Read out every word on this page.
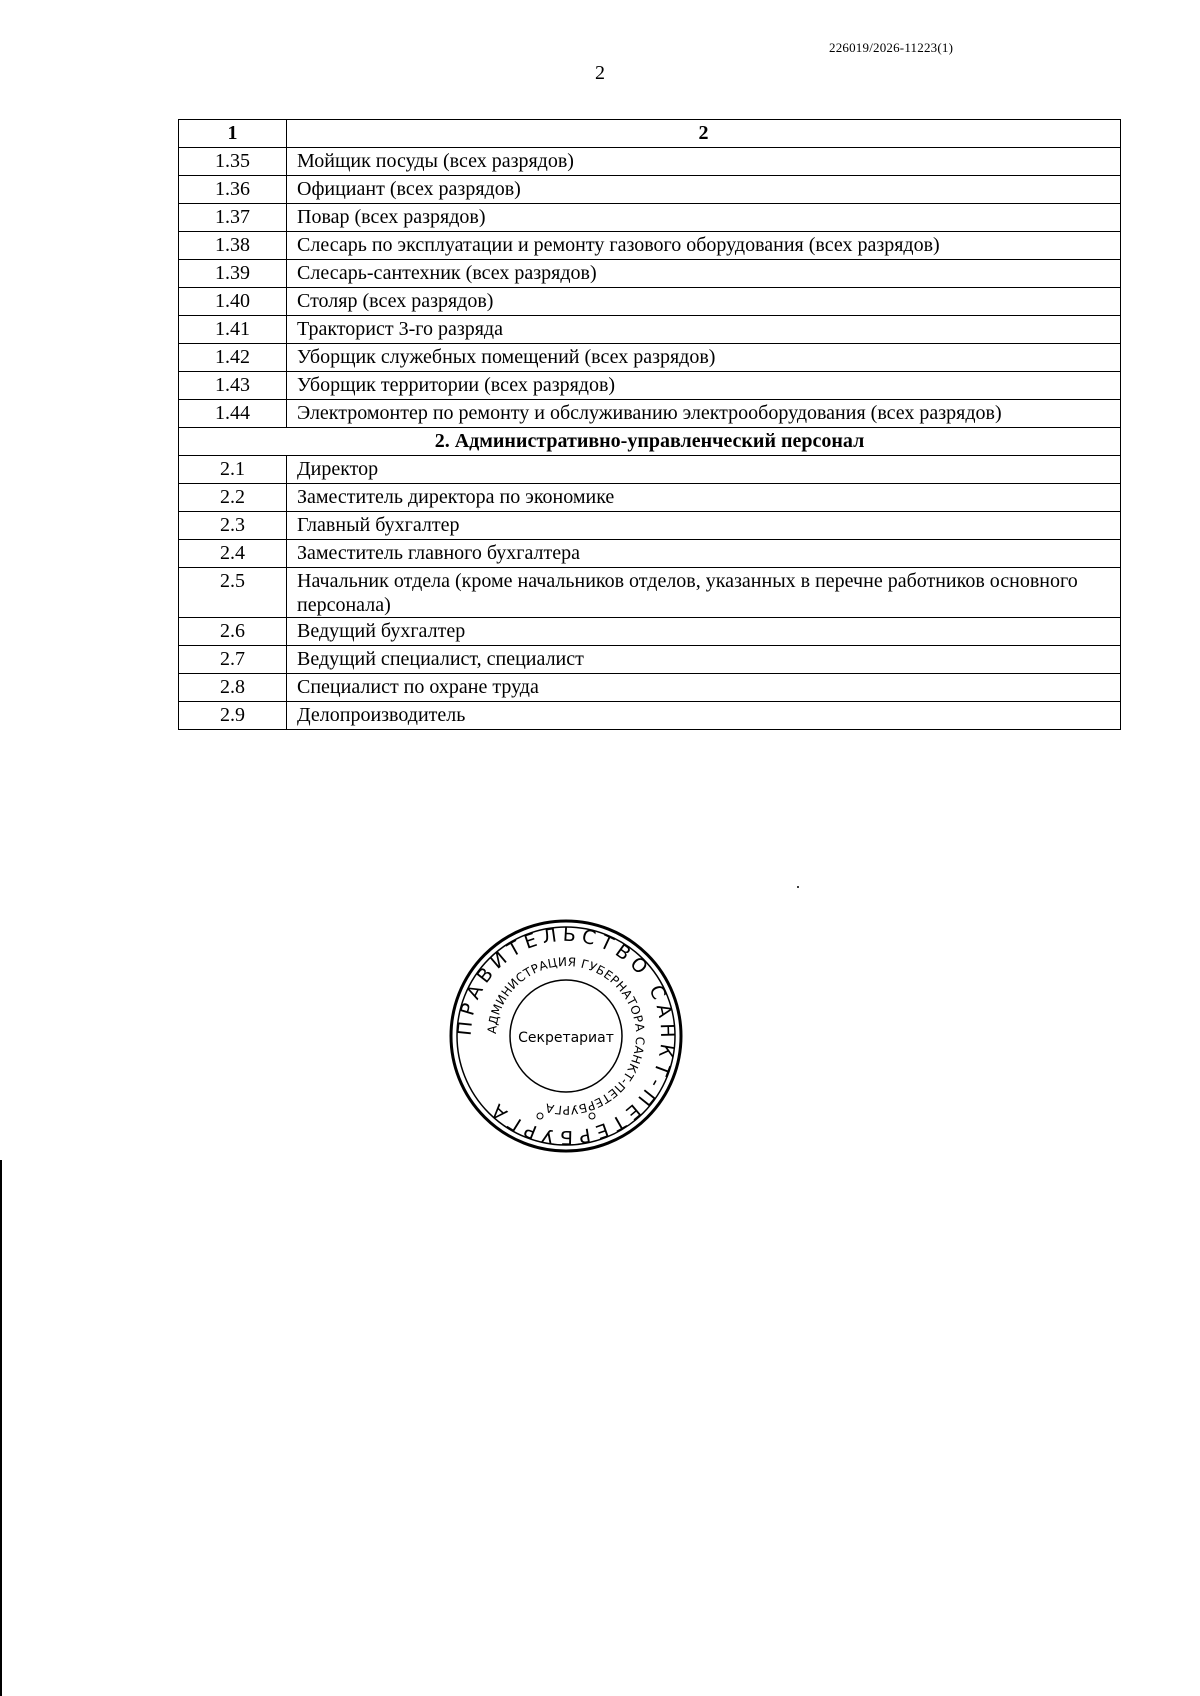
226019/2026-11223(1)
2
1	2
1.35	Мойщик посуды (всех разрядов)
1.36	Официант (всех разрядов)
1.37	Повар (всех разрядов)
1.38	Слесарь по эксплуатации и ремонту газового оборудования (всех разрядов)
1.39	Слесарь-сантехник (всех разрядов)
1.40	Столяр (всех разрядов)
1.41	Тракторист 3-го разряда
1.42	Уборщик служебных помещений (всех разрядов)
1.43	Уборщик территории (всех разрядов)
1.44	Электромонтер по ремонту и обслуживанию электрооборудования (всех разрядов)
2. Административно-управленческий персонал	
2.1	Директор
2.2	Заместитель директора по экономике
2.3	Главный бухгалтер
2.4	Заместитель главного бухгалтера
2.5	Начальник отдела (кроме начальников отделов, указанных в перечне работников основного персонала)
2.6	Ведущий бухгалтер
2.7	Ведущий специалист, специалист
2.8	Специалист по охране труда
2.9	Делопроизводитель
ПРАВИТЕЛЬСТВО САНКТ-ПЕТЕРБУРГА
АДМИНИСТРАЦИЯ ГУБЕРНАТОРА САНКТ-ПЕТЕРБУРГА
Секретариат
